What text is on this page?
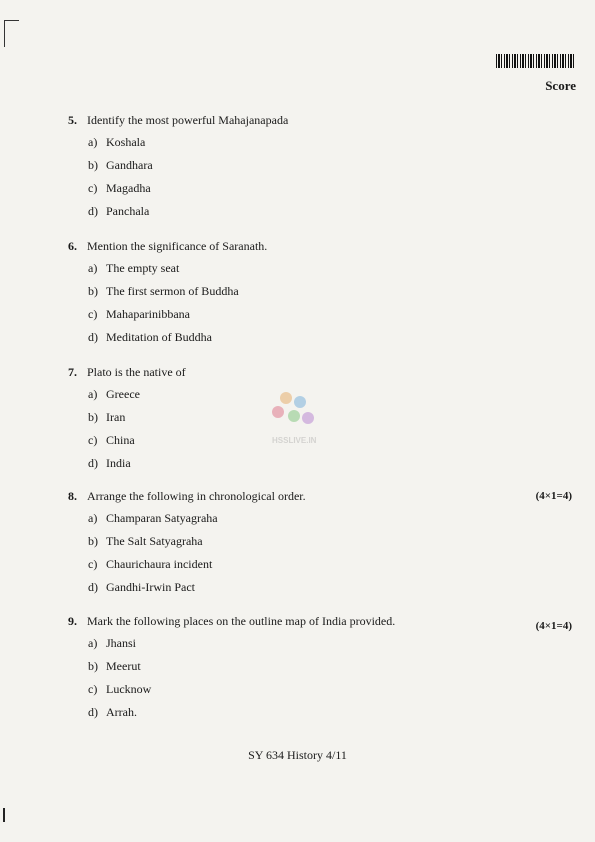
Score
5. Identify the most powerful Mahajanapada
a) Koshala
b) Gandhara
c) Magadha
d) Panchala
6. Mention the significance of Saranath.
a) The empty seat
b) The first sermon of Buddha
c) Mahaparinibbana
d) Meditation of Buddha
7. Plato is the native of
a) Greece
b) Iran
c) China
d) India
8. Arrange the following in chronological order.	(4×1=4)
a) Champaran Satyagraha
b) The Salt Satyagraha
c) Chaurichaura incident
d) Gandhi-Irwin Pact
9. Mark the following places on the outline map of India provided.	(4×1=4)
a) Jhansi
b) Meerut
c) Lucknow
d) Arrah.
HSSLIVE.IN
SY 634 History 4/11
